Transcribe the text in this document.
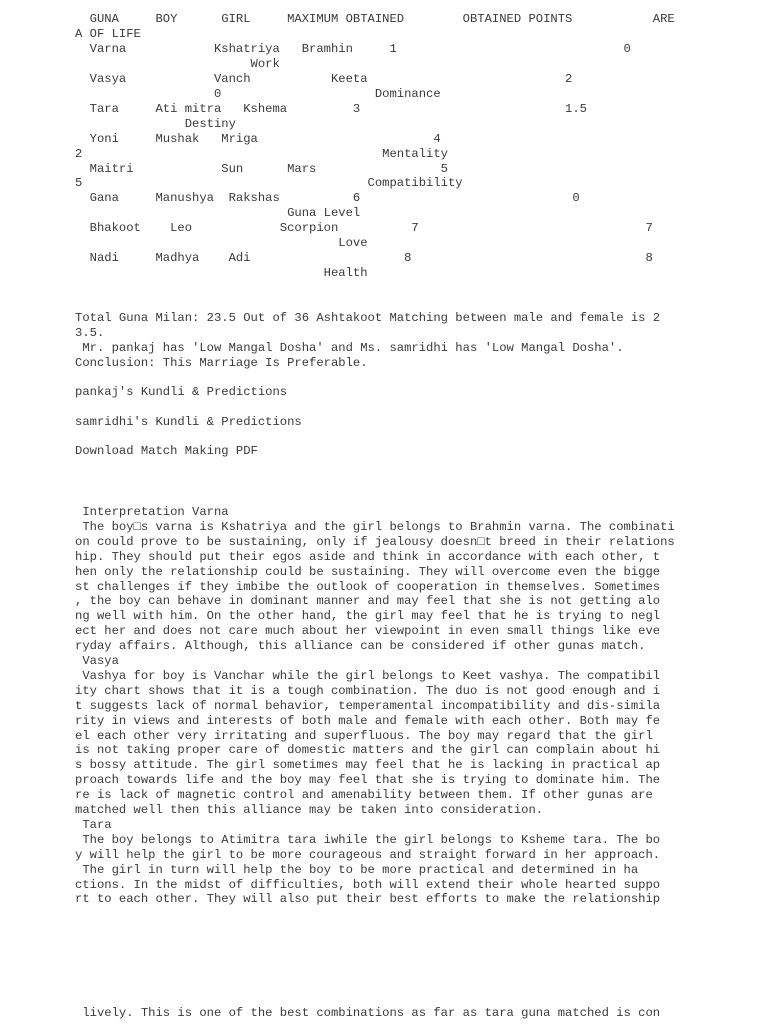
GUNA     BOY      GIRL     MAXIMUM OBTAINED        OBTAINED POINTS           ARE
A OF LIFE
Varna            Kshatriya   Bramhin     1                               0
Work
Vasya            Vanch           Keeta                           2
0                     Dominance
Tara     Ati mitra   Kshema         3                            1.5
Destiny
Yoni     Mushak   Mriga                        4
2                                         Mentality
Maitri            Sun      Mars                 5
5                                       Compatibility
Gana     Manushya  Rakshas          6                             0
Guna Level
Bhakoot    Leo            Scorpion          7                               7
Love
Nadi     Madhya    Adi                     8                                8
Health
Total Guna Milan: 23.5 Out of 36 Ashtakoot Matching between male and female is 2
3.5.
Mr. pankaj has 'Low Mangal Dosha' and Ms. samridhi has 'Low Mangal Dosha'.
Conclusion: This Marriage Is Preferable.
pankaj's Kundli & Predictions
samridhi's Kundli & Predictions
Download Match Making PDF
Interpretation Varna
The boy□s varna is Kshatriya and the girl belongs to Brahmin varna. The combinati
on could prove to be sustaining, only if jealousy doesn□t breed in their relations
hip. They should put their egos aside and think in accordance with each other, t
hen only the relationship could be sustaining. They will overcome even the bigge
st challenges if they imbibe the outlook of cooperation in themselves. Sometimes
, the boy can behave in dominant manner and may feel that she is not getting alo
ng well with him. On the other hand, the girl may feel that he is trying to negl
ect her and does not care much about her viewpoint in even small things like eve
ryday affairs. Although, this alliance can be considered if other gunas match.
Vasya
Vashya for boy is Vanchar while the girl belongs to Keet vashya. The compatibil
ity chart shows that it is a tough combination. The duo is not good enough and i
t suggests lack of normal behavior, temperamental incompatibility and dis-simila
rity in views and interests of both male and female with each other. Both may fe
el each other very irritating and superfluous. The boy may regard that the girl
is not taking proper care of domestic matters and the girl can complain about hi
s bossy attitude. The girl sometimes may feel that he is lacking in practical ap
proach towards life and the boy may feel that she is trying to dominate him. The
re is lack of magnetic control and amenability between them. If other gunas are
matched well then this alliance may be taken into consideration.
Tara
The boy belongs to Atimitra tara iwhile the girl belongs to Ksheme tara. The bo
y will help the girl to be more courageous and straight forward in her approach.
The girl in turn will help the boy to be more practical and determined in ha
ctions. In the midst of difficulties, both will extend their whole hearted suppo
rt to each other. They will also put their best efforts to make the relationship
lively. This is one of the best combinations as far as tara guna matched is con
